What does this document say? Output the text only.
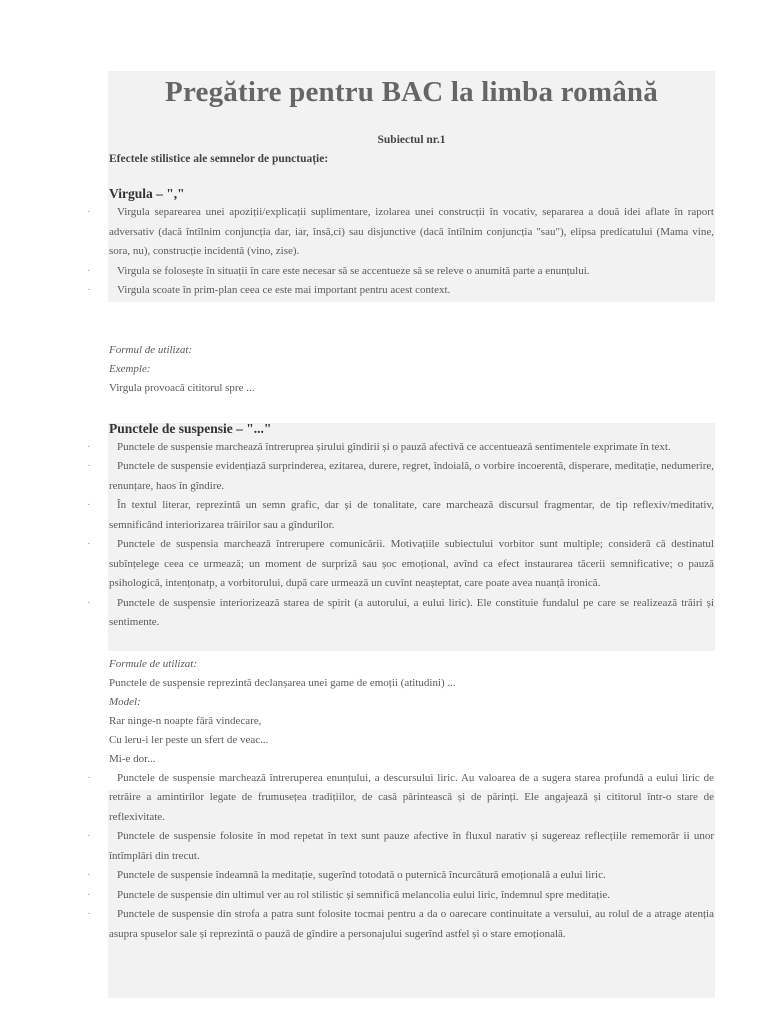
Pregătire pentru BAC la limba română

Subiectul nr.1

Efectele stilistice ale semnelor de punctuație:

Virgula – ","
· Virgula separearea unei apoziții/explicații suplimentare, izolarea unei construcții în vocativ, separarea a două idei aflate în raport adversativ (dacă întîlnim conjuncția dar, iar, însă,ci) sau disjunctive (dacă întîlnim conjuncția "sau"), elipsa predicatului (Mama vine, sora, nu), construcție incidentă (vino, zise).
· Virgula se folosește în situații în care este necesar să se accentueze să se releve o anumită parte a enunțului.
· Virgula scoate în prim-plan ceea ce este mai important pentru acest context.

Formul de utilizat:

Exemple:

Virgula provoacă cititorul spre ...

Punctele de suspensie – "..."
· Punctele de suspensie marchează întreruprea șirului gîndirii și o pauză afectivă ce accentuează sentimentele exprimate în text.
· Punctele de suspensie evidențiază surprinderea, ezitarea, durere, regret, îndoială, o vorbire incoerentă, disperare, meditație, nedumerire, renunțare, haos în gîndire.
· În textul literar, reprezintă un semn grafic, dar și de tonalitate, care marchează discursul fragmentar, de tip reflexiv/meditativ, semnificând interiorizarea trăirilor sau a gîndurilor.
· Punctele de suspensia marchează întrerupere comunicării. Motivațiile subiectului vorbitor sunt multiple; consideră că destinatul subînțelege ceea ce urmează; un moment de surpriză sau șoc emoțional, avînd ca efect instaurarea tăcerii semnificative; o pauză psihologică, intențonatp, a vorbitorului, după care urmează un cuvînt neașteptat, care poate avea nuanță ironică.
· Punctele de suspensie interiorizează starea de spirit (a autorului, a eului liric). Ele constituie fundalul pe care se realizează trăiri și sentimente.

Formule de utilizat:

Punctele de suspensie reprezintă declanșarea unei game de emoții (atitudini) ...

Model:

Rar ninge-n noapte fără vindecare,

Cu leru-i ler peste un sfert de veac...

Mi-e dor...

· Punctele de suspensie marchează întreruperea enunțului, a descursului liric. Au valoarea de a sugera starea profundă a eului liric de retrăire a amintirilor legate de frumusețea tradițiilor, de casă părintească și de părinți. Ele angajează și cititorul într-o stare de reflexivitate.
· Punctele de suspensie folosite în mod repetat în text sunt pauze afective în fluxul narativ și sugereaz reflecțiile rememorăr ii unor întîmplări din trecut.
· Punctele de suspensie îndeamnă la meditație, sugerînd totodată o puternică încurcătură emoțională a eului liric.
· Punctele de suspensie din ultimul ver au rol stilistic și semnifică melancolia eului liric, îndemnul spre meditație.
· Punctele de suspensie din strofa a patra sunt folosite tocmai pentru a da o oarecare continuitate a versului, au rolul de a atrage atenția asupra spuselor sale și reprezintă o pauză de gîndire a personajului sugerînd astfel și o stare emoțională.
